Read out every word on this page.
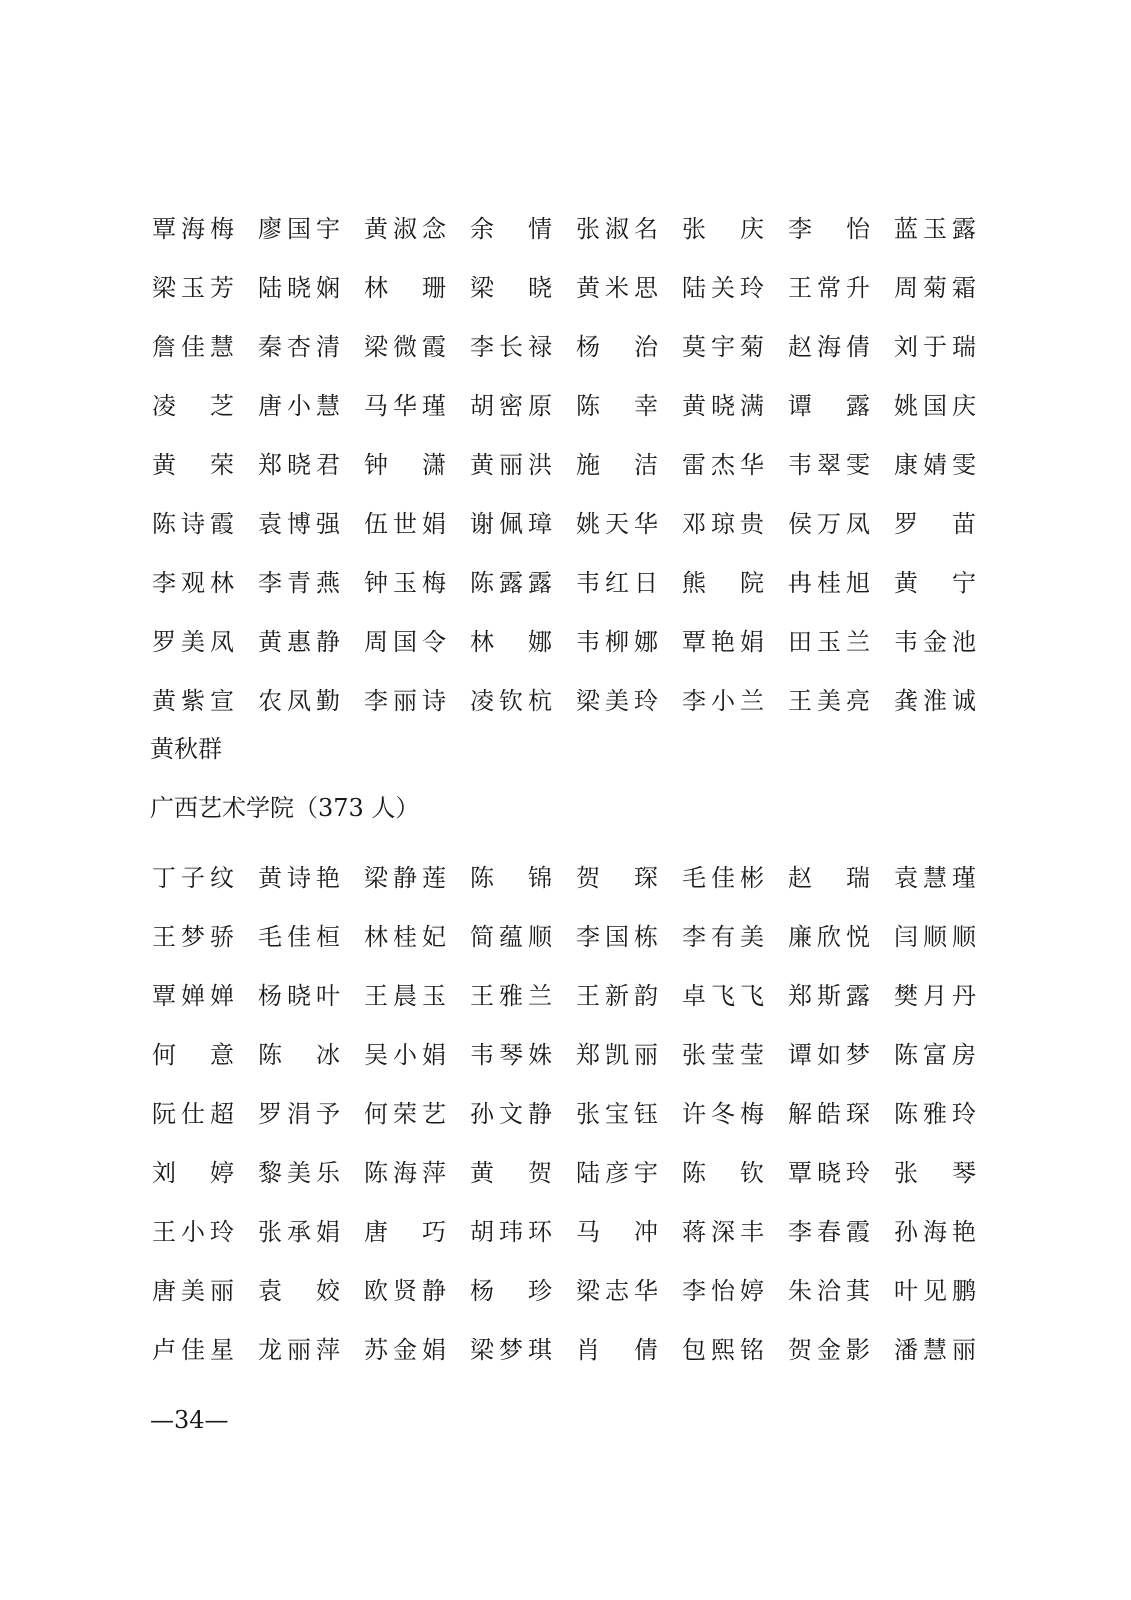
覃 海 梅 廖 国 宇 黄 淑 念 余 情 张 淑 名 张 庆 李 怡 蓝 玉 露
梁 玉 芳 陆 晓 娴 林 珊 梁 晓 黄 米 思 陆 关 玲 王 常 升 周 菊 霜
詹 佳 慧 秦 杏 清 梁 微 霞 李 长 禄 杨 治 莫 宇 菊 赵 海 倩 刘 于 瑞
凌 芝 唐 小 慧 马 华 瑾 胡 密 原 陈 幸 黄 晓 满 谭 露 姚 国 庆
黄 荣 郑 晓 君 钟 潇 黄 丽 洪 施 洁 雷 杰 华 韦 翠 雯 康 婧 雯
陈 诗 霞 袁 博 强 伍 世 娟 谢 佩 璋 姚 天 华 邓 琼 贵 侯 万 凤 罗 苗
李 观 林 李 青 燕 钟 玉 梅 陈 露 露 韦 红 日 熊 院 冉 桂 旭 黄 宁
罗 美 凤 黄 惠 静 周 国 令 林 娜 韦 柳 娜 覃 艳 娟 田 玉 兰 韦 金 池
黄 紫 宣 农 凤 勤 李 丽 诗 凌 钦 杭 梁 美 玲 李 小 兰 王 美 亮 龚 淮 诚
黄秋群
广西艺术学院（373 人）
丁 子 纹 黄 诗 艳 梁 静 莲 陈 锦 贺 琛 毛 佳 彬 赵 瑞 袁 慧 瑾
王 梦 骄 毛 佳 桓 林 桂 妃 简 蕴 顺 李 国 栋 李 有 美 廉 欣 悦 闫 顺 顺
覃 婵 婵 杨 晓 叶 王 晨 玉 王 雅 兰 王 新 韵 卓 飞 飞 郑 斯 露 樊 月 丹
何 意 陈 冰 吴 小 娟 韦 琴 姝 郑 凯 丽 张 莹 莹 谭 如 梦 陈 富 房
阮 仕 超 罗 涓 予 何 荣 艺 孙 文 静 张 宝 钰 许 冬 梅 解 皓 琛 陈 雅 玲
刘 婷 黎 美 乐 陈 海 萍 黄 贺 陆 彦 宇 陈 钦 覃 晓 玲 张 琴
王 小 玲 张 承 娟 唐 巧 胡 玮 环 马 冲 蒋 深 丰 李 春 霞 孙 海 艳
唐 美 丽 袁 姣 欧 贤 静 杨 珍 梁 志 华 李 怡 婷 朱 洽 萁 叶 见 鹏
卢 佳 星 龙 丽 萍 苏 金 娟 梁 梦 琪 肖 倩 包 熙 铭 贺 金 影 潘 慧 丽
—34—
